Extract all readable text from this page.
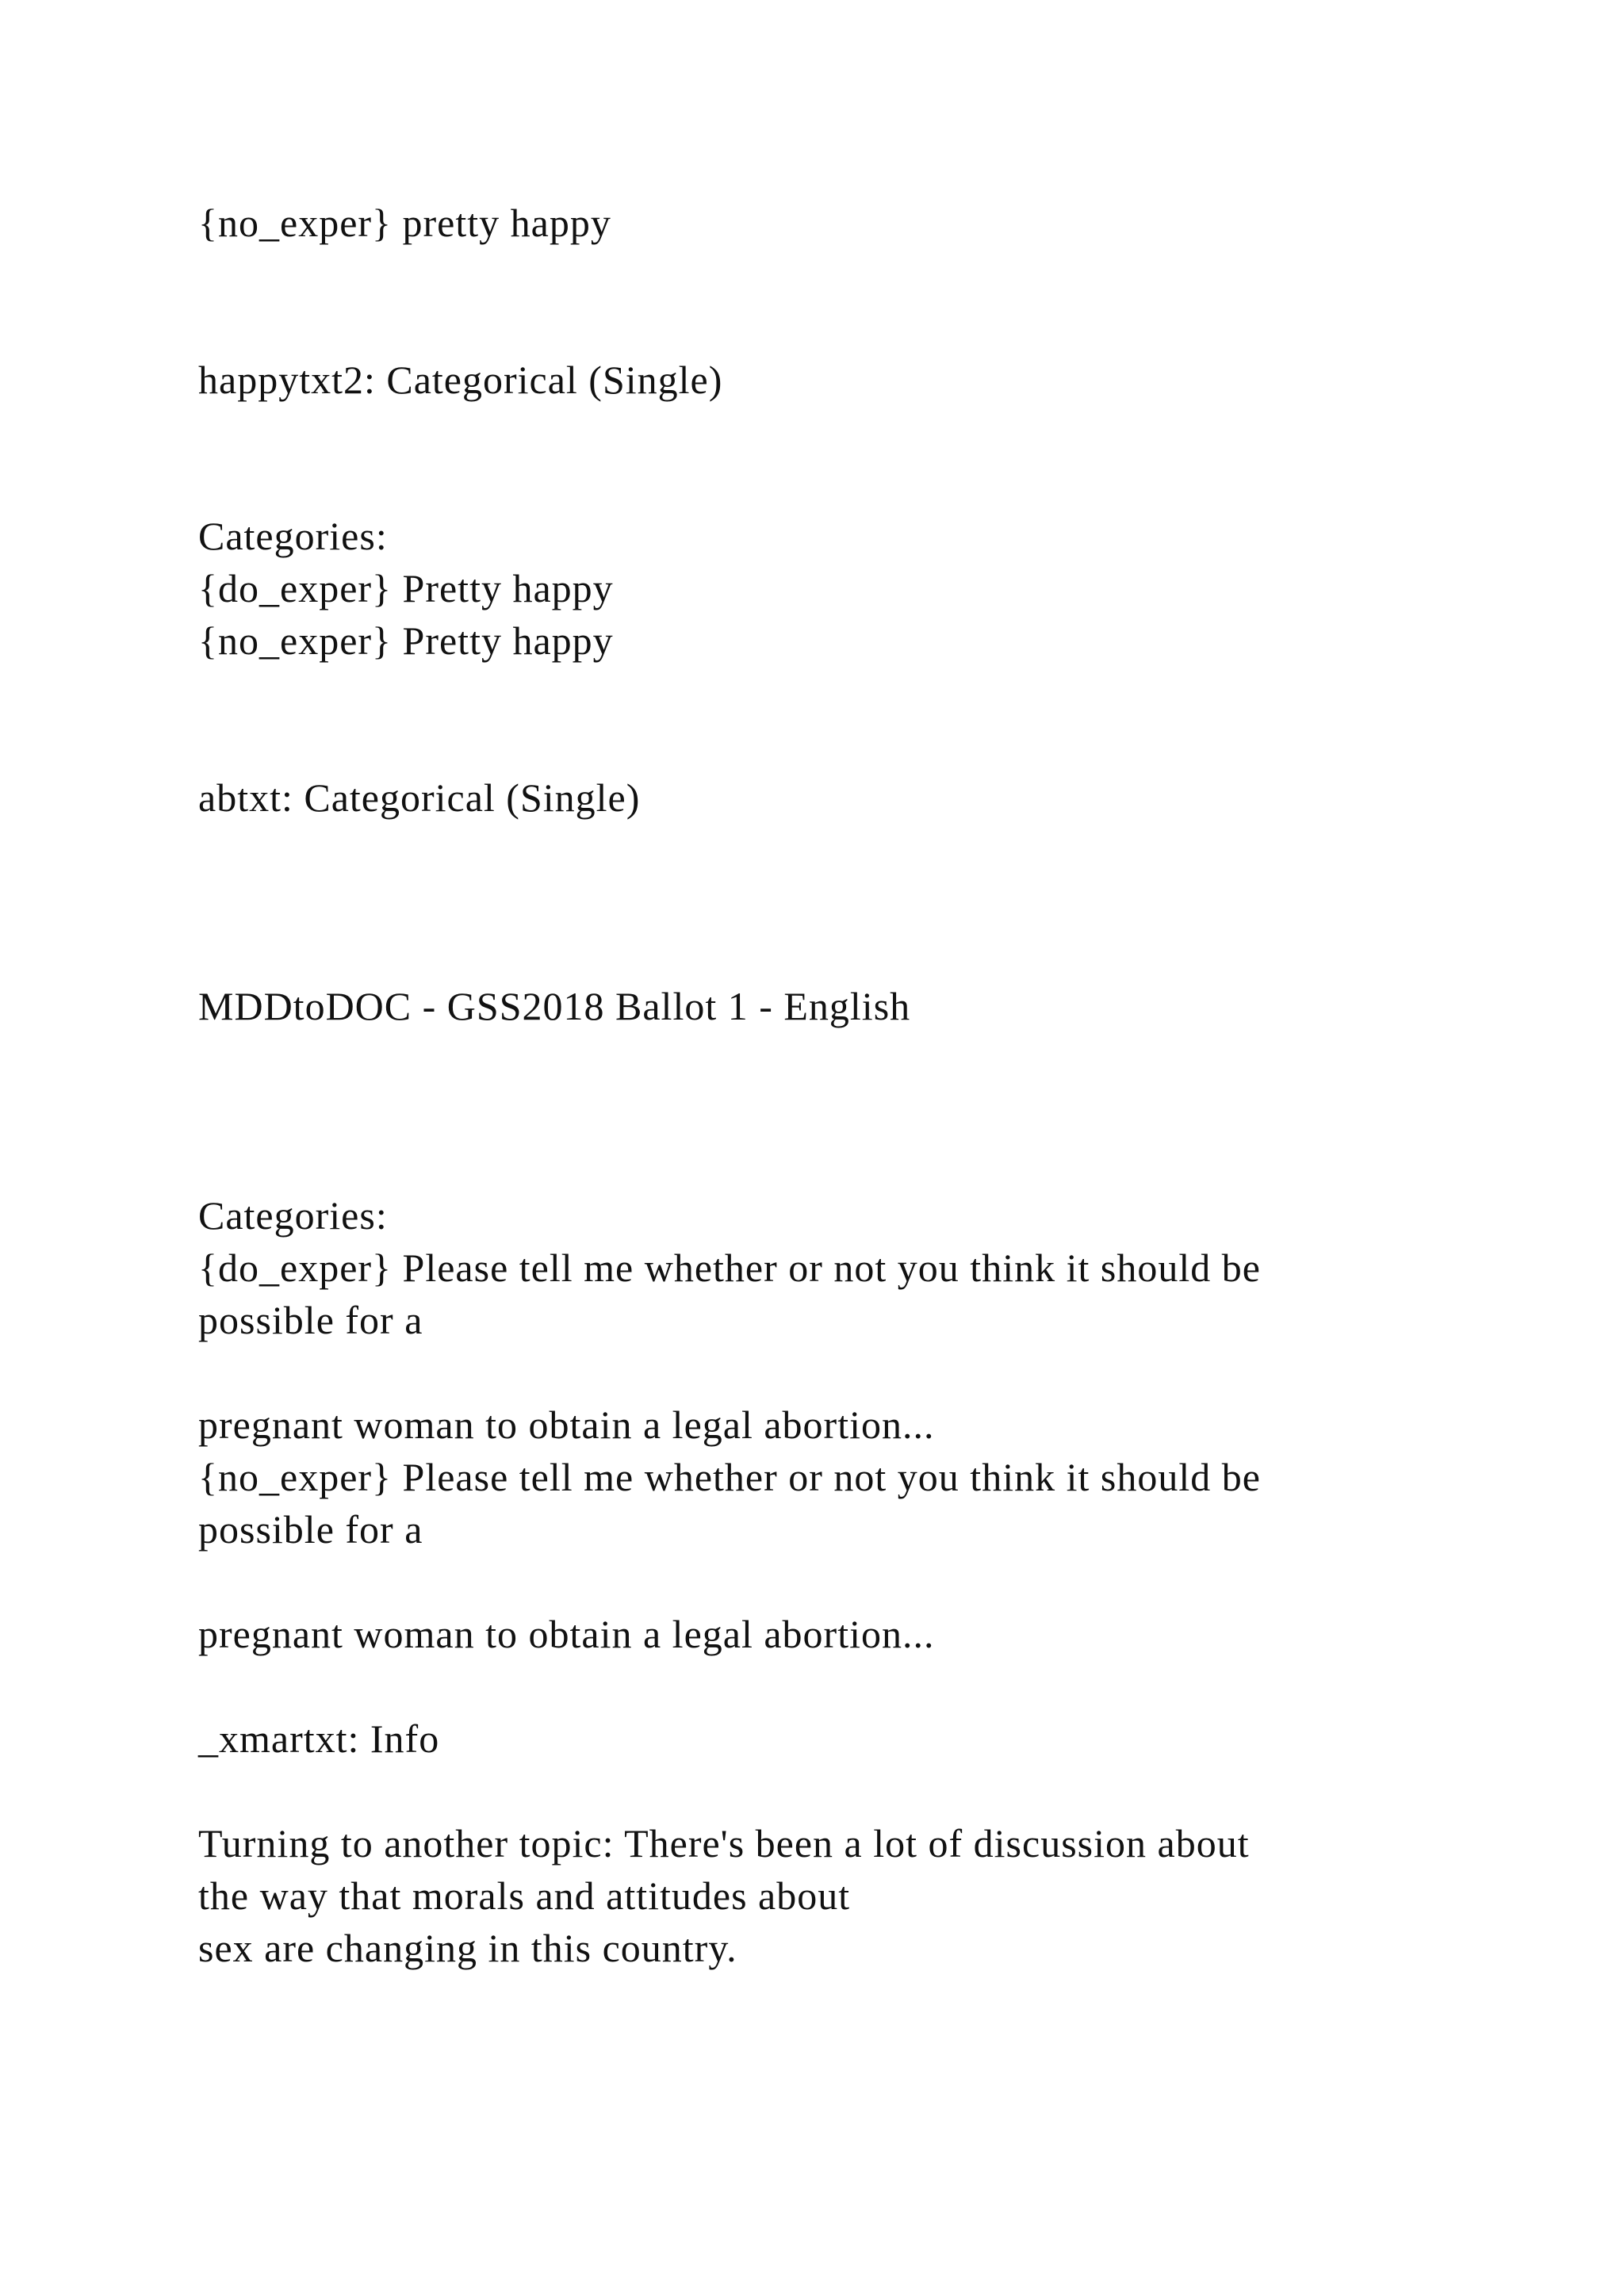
{no_exper} pretty happy
happytxt2: Categorical (Single)
Categories:
{do_exper} Pretty happy
{no_exper} Pretty happy
abtxt: Categorical (Single)
MDDtoDOC - GSS2018 Ballot 1 - English
Categories:
{do_exper} Please tell me whether or not you think it should be
possible for a
pregnant woman to obtain a legal abortion...
{no_exper} Please tell me whether or not you think it should be
possible for a
pregnant woman to obtain a legal abortion...
_xmartxt: Info
Turning to another topic: There's been a lot of discussion about
the way that morals and attitudes about
sex are changing in this country.
